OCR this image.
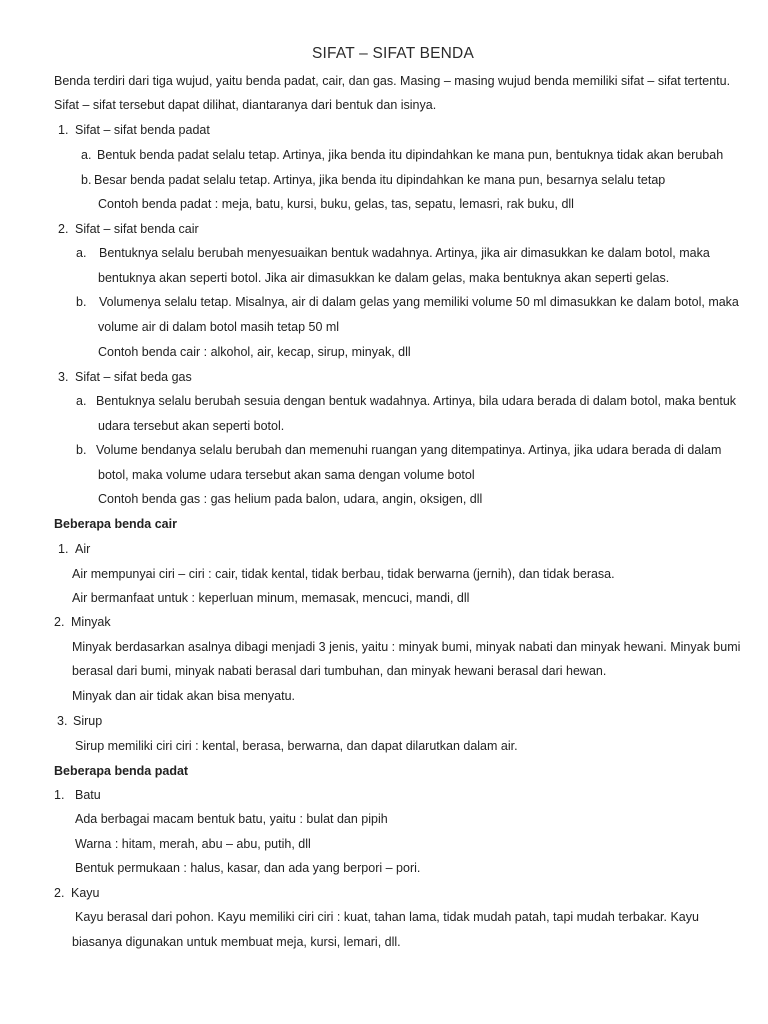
SIFAT – SIFAT BENDA
Benda terdiri dari tiga wujud, yaitu benda padat, cair, dan gas. Masing – masing wujud benda memiliki sifat – sifat tertentu.
Sifat – sifat tersebut dapat dilihat, diantaranya dari bentuk dan isinya.
1. Sifat – sifat benda padat
a. Bentuk benda padat selalu tetap. Artinya, jika benda itu dipindahkan ke mana pun, bentuknya tidak akan berubah
b. Besar benda padat selalu tetap. Artinya, jika benda itu dipindahkan ke mana pun, besarnya selalu tetap
Contoh benda padat : meja, batu, kursi, buku, gelas, tas, sepatu, lemasri, rak buku, dll
2. Sifat – sifat benda cair
a. Bentuknya selalu berubah menyesuaikan bentuk wadahnya. Artinya, jika air dimasukkan ke dalam botol, maka
bentuknya akan seperti botol. Jika air dimasukkan ke dalam gelas, maka bentuknya akan seperti gelas.
b. Volumenya selalu tetap. Misalnya, air di dalam gelas yang memiliki volume 50 ml dimasukkan ke dalam botol, maka
volume air di dalam botol masih tetap 50 ml
Contoh benda cair : alkohol, air, kecap, sirup, minyak, dll
3. Sifat – sifat beda gas
a. Bentuknya selalu berubah sesuia dengan bentuk wadahnya. Artinya, bila udara berada di dalam botol, maka bentuk
udara tersebut akan seperti botol.
b. Volume bendanya selalu berubah dan memenuhi ruangan yang ditempatinya. Artinya, jika udara berada di dalam
botol, maka volume udara tersebut akan sama dengan volume botol
Contoh benda gas : gas helium pada balon, udara, angin, oksigen, dll
Beberapa benda cair
1. Air
Air mempunyai ciri – ciri : cair, tidak kental, tidak berbau, tidak berwarna (jernih), dan tidak berasa.
Air bermanfaat untuk : keperluan minum, memasak, mencuci, mandi, dll
2. Minyak
Minyak berdasarkan asalnya dibagi menjadi 3 jenis, yaitu : minyak bumi, minyak nabati dan minyak hewani. Minyak bumi
berasal dari bumi, minyak nabati berasal dari tumbuhan, dan minyak hewani berasal dari hewan.
Minyak dan air tidak akan bisa menyatu.
3. Sirup
Sirup memiliki ciri ciri : kental, berasa, berwarna, dan dapat dilarutkan dalam air.
Beberapa benda padat
1. Batu
Ada berbagai macam bentuk batu, yaitu : bulat dan pipih
Warna : hitam, merah, abu – abu, putih, dll
Bentuk permukaan : halus, kasar, dan ada yang berpori – pori.
2. Kayu
Kayu berasal dari pohon. Kayu memiliki ciri ciri : kuat, tahan lama, tidak mudah patah, tapi mudah terbakar. Kayu
biasanya digunakan untuk membuat meja, kursi, lemari, dll.
